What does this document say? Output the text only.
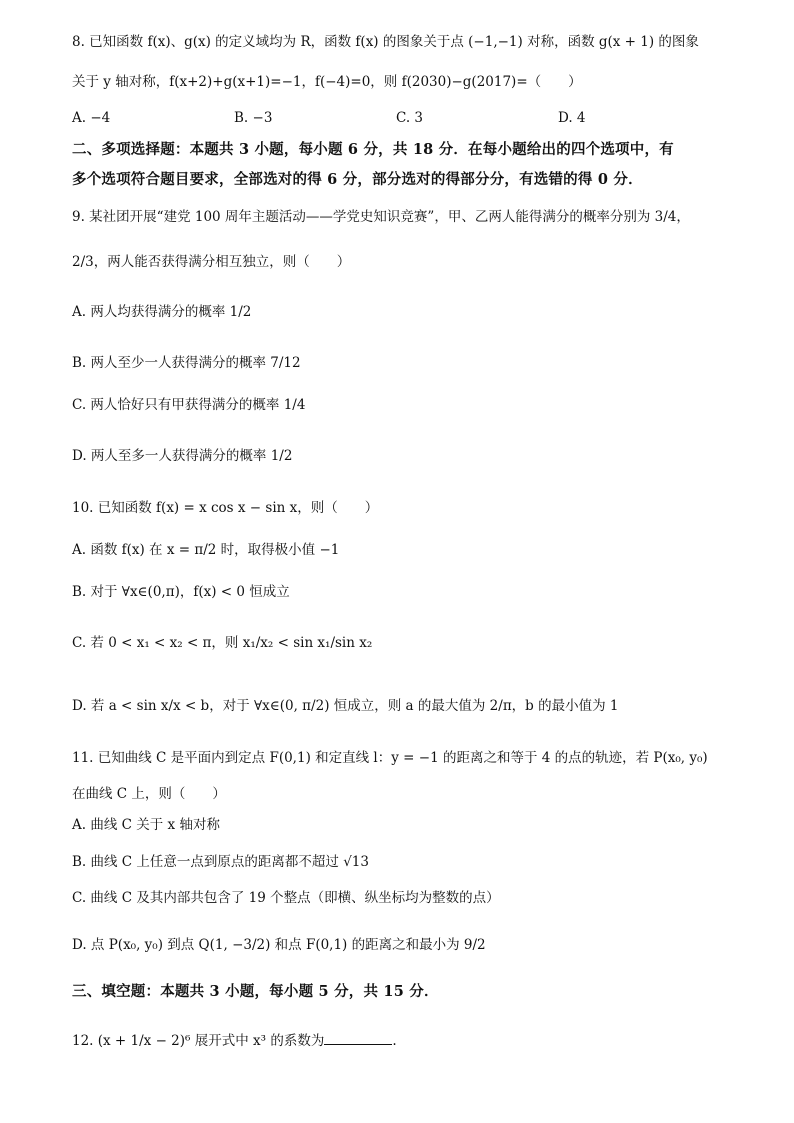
8. 已知函数 f(x)、g(x) 的定义域均为 R，函数 f(x) 的图象关于点 (−1,−1) 对称，函数 g(x + 1) 的图象
关于 y 轴对称，f(x+2)+g(x+1)=−1，f(−4)=0，则 f(2030)−g(2017)=（　　）
A. −4	B. −3	C. 3	D. 4
二、多项选择题：本题共 3 小题，每小题 6 分，共 18 分．在每小题给出的四个选项中，有
多个选项符合题目要求，全部选对的得 6 分，部分选对的得部分分，有选错的得 0 分．
9. 某社团开展“建党 100 周年主题活动——学党史知识竞赛”，甲、乙两人能得满分的概率分别为 3/4，
2/3，两人能否获得满分相互独立，则（　　）
A. 两人均获得满分的概率 1/2
B. 两人至少一人获得满分的概率 7/12
C. 两人恰好只有甲获得满分的概率 1/4
D. 两人至多一人获得满分的概率 1/2
10. 已知函数 f(x) = x cos x − sin x，则（　　）
A. 函数 f(x) 在 x = π/2 时，取得极小值 −1
B. 对于 ∀x∈(0,π)，f(x) < 0 恒成立
C. 若 0 < x₁ < x₂ < π，则 x₁/x₂ < sin x₁/sin x₂
D. 若 a < sin x/x < b，对于 ∀x∈(0, π/2) 恒成立，则 a 的最大值为 2/π，b 的最小值为 1
11. 已知曲线 C 是平面内到定点 F(0,1) 和定直线 l：y = −1 的距离之和等于 4 的点的轨迹，若 P(x₀, y₀)
在曲线 C 上，则（　　）
A. 曲线 C 关于 x 轴对称
B. 曲线 C 上任意一点到原点的距离都不超过 √13
C. 曲线 C 及其内部共包含了 19 个整点（即横、纵坐标均为整数的点）
D. 点 P(x₀, y₀) 到点 Q(1, −3/2) 和点 F(0,1) 的距离之和最小为 9/2
三、填空题：本题共 3 小题，每小题 5 分，共 15 分．
12. (x + 1/x − 2)⁶ 展开式中 x³ 的系数为	.
